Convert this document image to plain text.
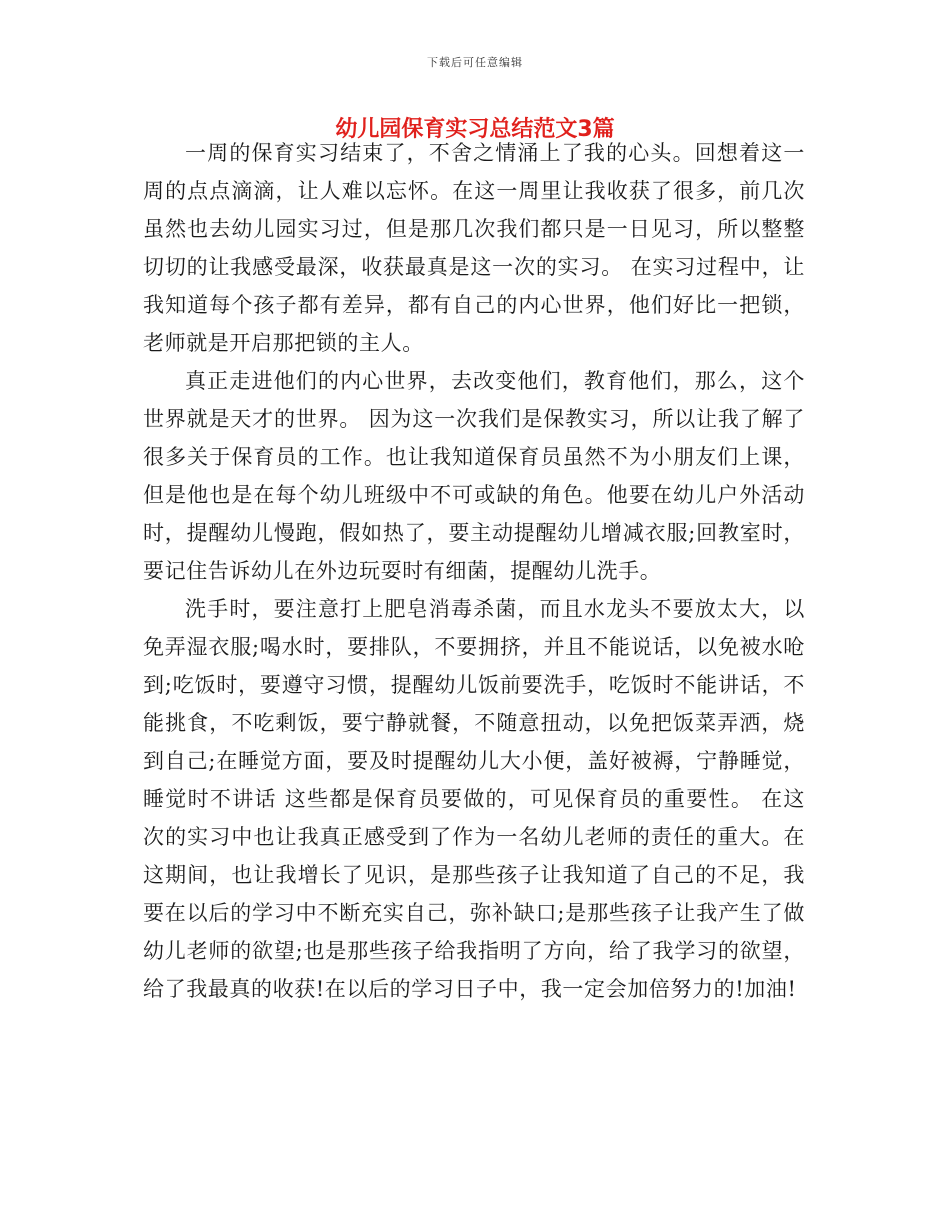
下载后可任意编辑
幼儿园保育实习总结范文3篇

一周的保育实习结束了，不舍之情涌上了我的心头。回想着这一周的点点滴滴，让人难以忘怀。在这一周里让我收获了很多，前几次虽然也去幼儿园实习过，但是那几次我们都只是一日见习，所以整整切切的让我感受最深，收获最真是这一次的实习。 在实习过程中，让我知道每个孩子都有差异，都有自己的内心世界，他们好比一把锁，老师就是开启那把锁的主人。

真正走进他们的内心世界，去改变他们，教育他们，那么，这个世界就是天才的世界。 因为这一次我们是保教实习，所以让我了解了很多关于保育员的工作。也让我知道保育员虽然不为小朋友们上课，但是他也是在每个幼儿班级中不可或缺的角色。他要在幼儿户外活动时，提醒幼儿慢跑，假如热了，要主动提醒幼儿增减衣服;回教室时，要记住告诉幼儿在外边玩耍时有细菌，提醒幼儿洗手。

洗手时，要注意打上肥皂消毒杀菌，而且水龙头不要放太大，以免弄湿衣服;喝水时，要排队，不要拥挤，并且不能说话，以免被水呛到;吃饭时，要遵守习惯，提醒幼儿饭前要洗手，吃饭时不能讲话，不能挑食，不吃剩饭，要宁静就餐，不随意扭动，以免把饭菜弄洒，烧到自己;在睡觉方面，要及时提醒幼儿大小便，盖好被褥，宁静睡觉，睡觉时不讲话 这些都是保育员要做的，可见保育员的重要性。 在这次的实习中也让我真正感受到了作为一名幼儿老师的责任的重大。在这期间，也让我增长了见识，是那些孩子让我知道了自己的不足，我要在以后的学习中不断充实自己，弥补缺口;是那些孩子让我产生了做幼儿老师的欲望;也是那些孩子给我指明了方向，给了我学习的欲望，给了我最真的收获!在以后的学习日子中，我一定会加倍努力的!加油!
